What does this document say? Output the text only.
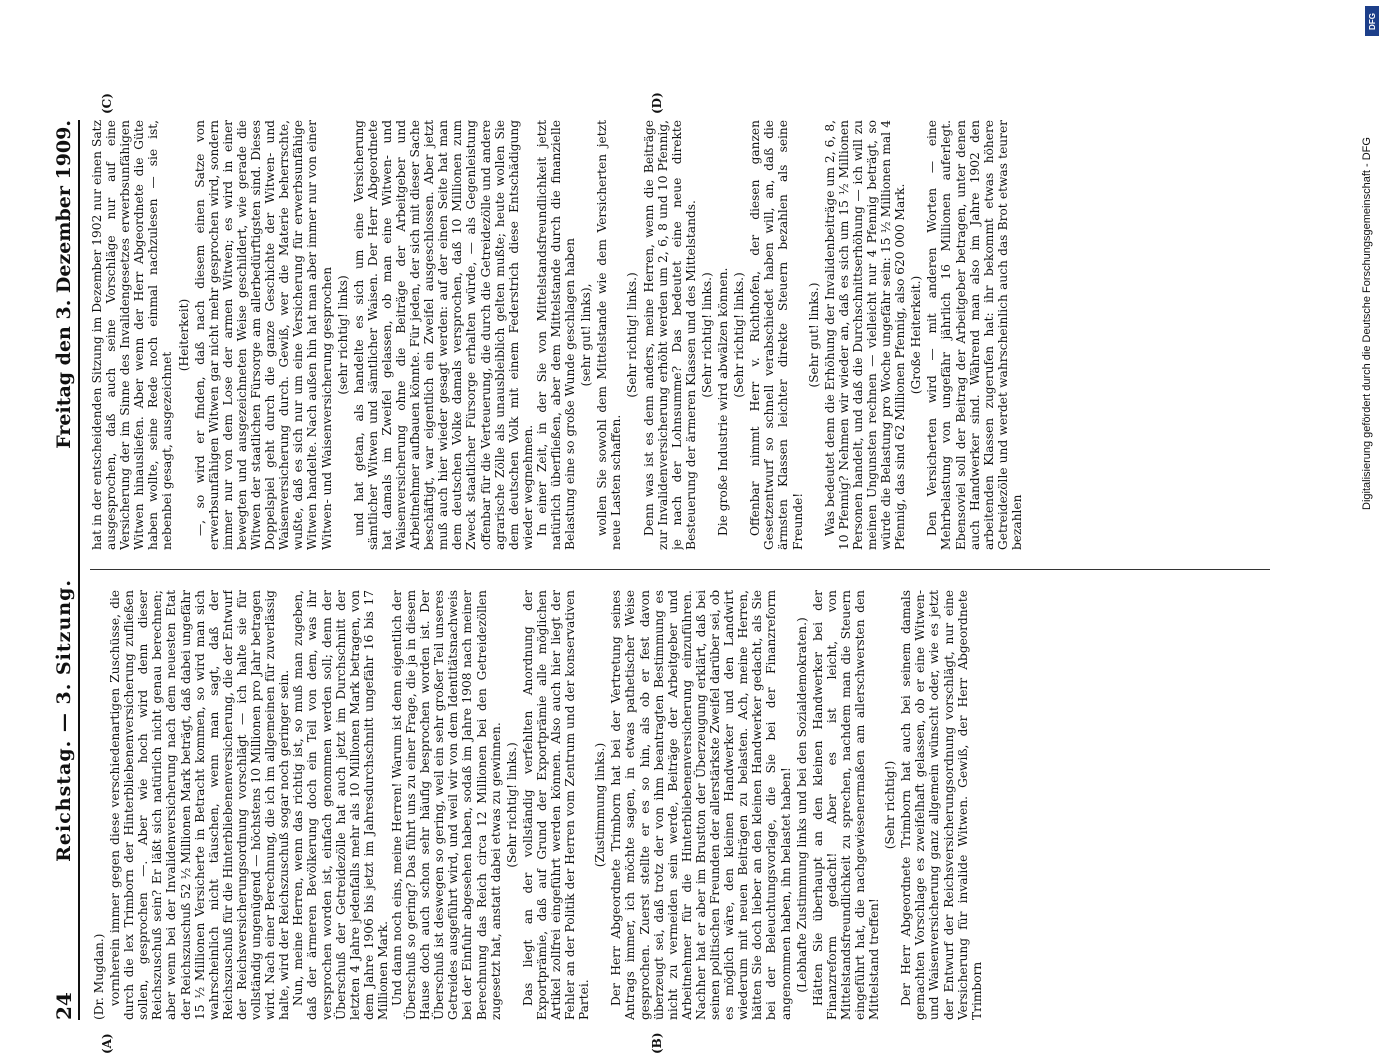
24
Reichstag. — 3. Sitzung.
Freitag den 3. Dezember 1909.

(Dr. Mugdan.) vornherein immer gegen diese verschiedenartigen Zuschüsse, die durch die lex Trimborn der Hinterbliebenenversicherung zufließen sollen, gesprochen —. Aber wie hoch wird denn dieser Reichszuschuß sein? Er läßt sich natürlich nicht genau berechnen; aber wenn bei der Invalidenversicherung nach dem neuesten Etat der Reichszuschuß 52 ½ Millionen Mark beträgt, daß dabei ungefähr 15 ½ Millionen Versicherte in Betracht kommen, so wird man sich wahrscheinlich nicht täuschen, wenn man sagt, daß der Reichszuschuß für die Hinterbliebenenversicherung, die der Entwurf der Reichsversicherungsordnung vorschlägt — ich halte sie für vollständig ungenügend — höchstens 10 Millionen pro Jahr betragen wird. Nach einer Berechnung, die ich im allgemeinen für zuverlässig halte, wird der Reichszuschuß sogar noch geringer sein. Nun, meine Herren, wenn das richtig ist, so muß man zugeben, daß der ärmeren Bevölkerung doch ein Teil von dem, was ihr versprochen worden ist, einfach genommen werden soll; denn der Überschuß der Getreidezölle hat auch jetzt im Durchschnitt der letzten 4 Jahre jedenfalls mehr als 10 Millionen Mark betragen, von dem Jahre 1906 bis jetzt im Jahresdurchschnitt ungefähr 16 bis 17 Millionen Mark. Und dann noch eins, meine Herren! Warum ist denn eigentlich der Überschuß so gering? Das führt uns zu einer Frage, die ja in diesem Hause doch auch schon sehr häufig besprochen worden ist. Der Überschuß ist deswegen so gering, weil ein sehr großer Teil unseres Getreides ausgeführt wird, und weil wir von dem Identitätsnachweis bei der Einfuhr abgesehen haben, sodaß im Jahre 1908 nach meiner Berechnung das Reich circa 12 Millionen bei den Getreidezöllen zugesetzt hat, anstatt dabei etwas zu gewinnen. (Sehr richtig! links.) Das liegt an der vollständig verfehlten Anordnung der Exportprämie, daß auf Grund der Exportprämie alle möglichen Artikel zollfrei eingeführt werden können. Also auch hier liegt der Fehler an der Politik der Herren vom Zentrum und der konservativen Partei.

(Zustimmung links.) Der Herr Abgeordnete Trimborn hat bei der Vertretung seines Antrags immer, ich möchte sagen, in etwas pathetischer Weise gesprochen. Zuerst stellte er es so hin, als ob er fest davon überzeugt sei, daß trotz der von ihm beantragten Bestimmung es nicht zu vermeiden sein werde, Beiträge der Arbeitgeber und Arbeitnehmer für die Hinterbliebenenversicherung einzuführen. Nachher hat er aber im Brustton der Überzeugung erklärt, daß bei seinen politischen Freunden der allerstärkste Zweifel darüber sei, ob es möglich wäre, den kleinen Handwerker und den Landwirt wiederum mit neuen Beiträgen zu belasten. Ach, meine Herren, hätten Sie doch lieber an den kleinen Handwerker gedacht, als Sie bei der Beleuchtungsvorlage, die Sie bei der Finanzreform angenommen haben, ihn belastet haben! (Lebhafte Zustimmung links und bei den Sozialdemokraten.) Hätten Sie überhaupt an den kleinen Handwerker bei der Finanzreform gedacht! Aber es ist leicht, von Mittelstandsfreundlichkeit zu sprechen, nachdem man die Steuern eingeführt hat, die nachgewiesenermaßen am allerschwersten den Mittelstand treffen!

(Sehr richtig!) Der Herr Abgeordnete Trimborn hat auch bei seinem damals gemachten Vorschlage es zweifelhaft gelassen, ob er eine Witwen- und Waisenversicherung ganz allgemein wünscht oder, wie es jetzt der Entwurf der Reichsversicherungsordnung vorschlägt, nur eine Versicherung für invalide Witwen. Gewiß, der Herr Abgeordnete Trimborn

hat in der entscheidenden Sitzung im Dezember 1902 nur einen Satz ausgesprochen, daß auch seine Vorschläge nur auf eine Versicherung der im Sinne des Invalidengesetzes erwerbsunfähigen Witwen hinausliefen. Aber wenn der Herr Abgeordnete die Güte haben wollte, seine Rede noch einmal nachzulesen — sie ist, nebenbei gesagt, ausgezeichnet

(Heiterkeit) —, so wird er finden, daß nach diesem einen Satze von erwerbsunfähigen Witwen gar nicht mehr gesprochen wird, sondern immer nur von dem Lose der armen Witwen; es wird in einer bewegten und ausgezeichneten Weise geschildert, wie gerade die Witwen der staatlichen Fürsorge am allerbedürftigsten sind. Dieses Doppelspiel geht durch die ganze Geschichte der Witwen- und Waisenversicherung durch. Gewiß, wer die Materie beherrschte, wußte, daß es sich nur um eine Versicherung für erwerbsunfähige Witwen handelte. Nach außen hin hat man aber immer nur von einer Witwen- und Waisenversicherung gesprochen (sehr richtig! links) und hat getan, als handelte es sich um eine Versicherung sämtlicher Witwen und sämtlicher Waisen. Der Herr Abgeordnete hat damals im Zweifel gelassen, ob man eine Witwen- und Waisenversicherung ohne die Beiträge der Arbeitgeber und Arbeitnehmer aufbauen könnte. Für jeden, der sich mit dieser Sache beschäftigt, war eigentlich ein Zweifel ausgeschlossen. Aber jetzt muß auch hier wieder gesagt werden: auf der einen Seite hat man dem deutschen Volke damals versprochen, daß 10 Millionen zum Zweck staatlicher Fürsorge erhalten würde, — als Gegenleistung offenbar für die Verteuerung, die durch die Getreidezölle und andere agrarische Zölle als unausbleiblich gelten mußte; heute wollen Sie dem deutschen Volk mit einem Federstrich diese Entschädigung wieder wegnehmen. In einer Zeit, in der Sie von Mittelstandsfreundlichkeit jetzt natürlich überfließen, aber dem Mittelstande durch die finanzielle Belastung eine so große Wunde geschlagen haben (sehr gut! links), wollen Sie sowohl dem Mittelstande wie dem Versicherten jetzt neue Lasten schaffen.

(Sehr richtig! links.) Denn was ist es denn anders, meine Herren, wenn die Beiträge zur Invalidenversicherung erhöht werden um 2, 6, 8 und 10 Pfennig, je nach der Lohnsumme? Das bedeutet eine neue direkte Besteuerung der ärmeren Klassen und des Mittelstands. (Sehr richtig! links.) Die große Industrie wird abwälzen können. (Sehr richtig! links.) Offenbar nimmt Herr v. Richthofen, der diesen ganzen Gesetzentwurf so schnell verabschiedet haben will, an, daß die ärmsten Klassen leichter direkte Steuern bezahlen als seine Freunde!

(Sehr gut! links.) Was bedeutet denn die Erhöhung der Invalidenbeiträge um 2, 6, 8, 10 Pfennig? Nehmen wir wieder an, daß es sich um 15 ½ Millionen Personen handelt, und daß die Durchschnittserhöhung — ich will zu meinen Ungunsten rechnen — vielleicht nur 4 Pfennig beträgt, so würde die Belastung pro Woche ungefähr sein: 15 ½ Millionen mal 4 Pfennig, das sind 62 Millionen Pfennig, also 620 000 Mark. (Große Heiterkeit.) Den Versicherten wird — mit anderen Worten — eine Mehrbelastung von ungefähr jährlich 16 Millionen auferlegt. Ebensoviel soll der Beitrag der Arbeitgeber betragen, unter denen auch Handwerker sind. Während man also im Jahre 1902 den arbeitenden Klassen zugerufen hat: ihr bekommt etwas höhere Getreidezölle und werdet wahrscheinlich auch das Brot etwas teurer bezahlen

(A)	(B)
(C)	(D)
Digitalisierung gefördert durch die Deutsche Forschungsgemeinschaft - DFG
DFG
